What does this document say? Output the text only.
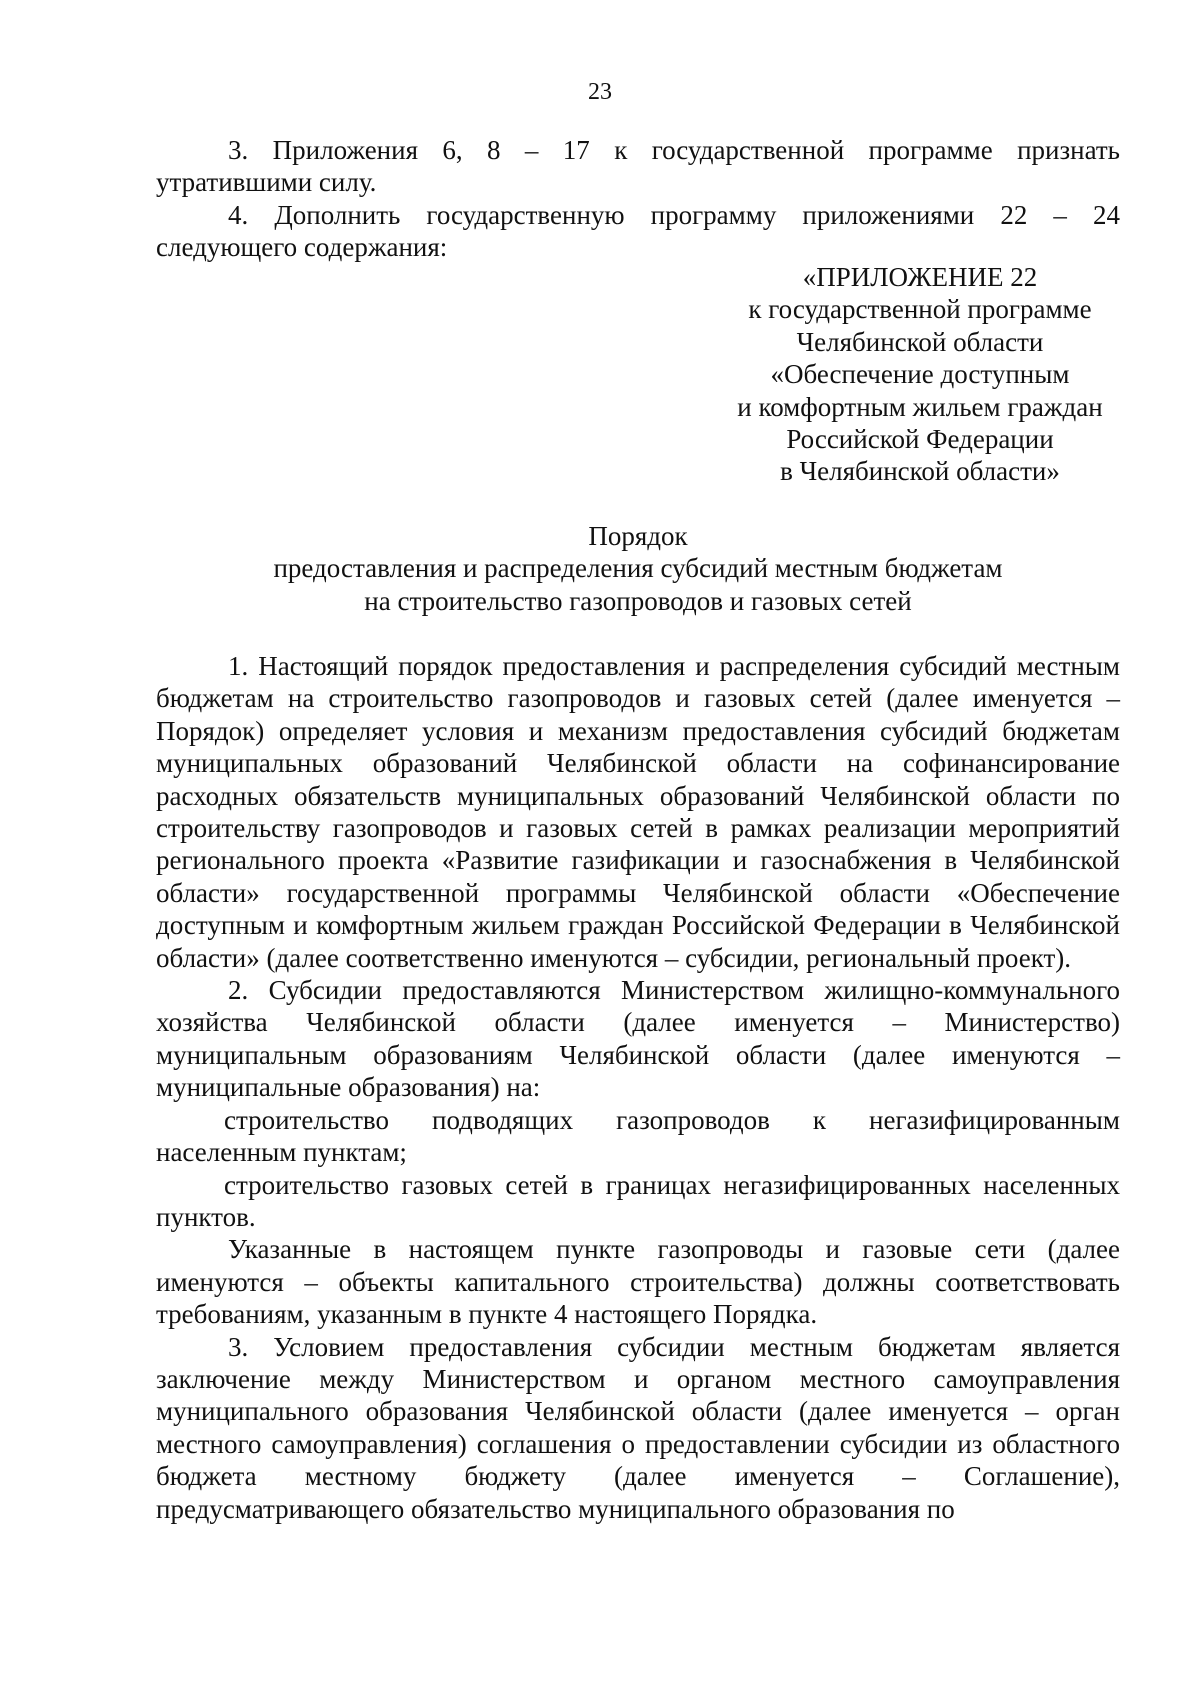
23

3. Приложения 6, 8 – 17 к государственной программе признать утратившими силу.

4. Дополнить государственную программу приложениями 22 – 24 следующего содержания:

«ПРИЛОЖЕНИЕ 22
к государственной программе
Челябинской области
«Обеспечение доступным
и комфортным жильем граждан
Российской Федерации
в Челябинской области»
Порядок
предоставления и распределения субсидий местным бюджетам
на строительство газопроводов и газовых сетей

1. Настоящий порядок предоставления и распределения субсидий местным бюджетам на строительство газопроводов и газовых сетей (далее именуется – Порядок) определяет условия и механизм предоставления субсидий бюджетам муниципальных образований Челябинской области на софинансирование расходных обязательств муниципальных образований Челябинской области по строительству газопроводов и газовых сетей в рамках реализации мероприятий регионального проекта «Развитие газификации и газоснабжения в Челябинской области» государственной программы Челябинской области «Обеспечение доступным и комфортным жильем граждан Российской Федерации в Челябинской области» (далее соответственно именуются – субсидии, региональный проект).

2. Субсидии предоставляются Министерством жилищно-коммунального хозяйства Челябинской области (далее именуется – Министерство) муниципальным образованиям Челябинской области (далее именуются – муниципальные образования) на:

строительство подводящих газопроводов к негазифицированным населенным пунктам;

строительство газовых сетей в границах негазифицированных населенных пунктов.

Указанные в настоящем пункте газопроводы и газовые сети (далее именуются – объекты капитального строительства) должны соответствовать требованиям, указанным в пункте 4 настоящего Порядка.

3. Условием предоставления субсидии местным бюджетам является заключение между Министерством и органом местного самоуправления муниципального образования Челябинской области (далее именуется – орган местного самоуправления) соглашения о предоставлении субсидии из областного бюджета местному бюджету (далее именуется – Соглашение), предусматривающего обязательство муниципального образования по
